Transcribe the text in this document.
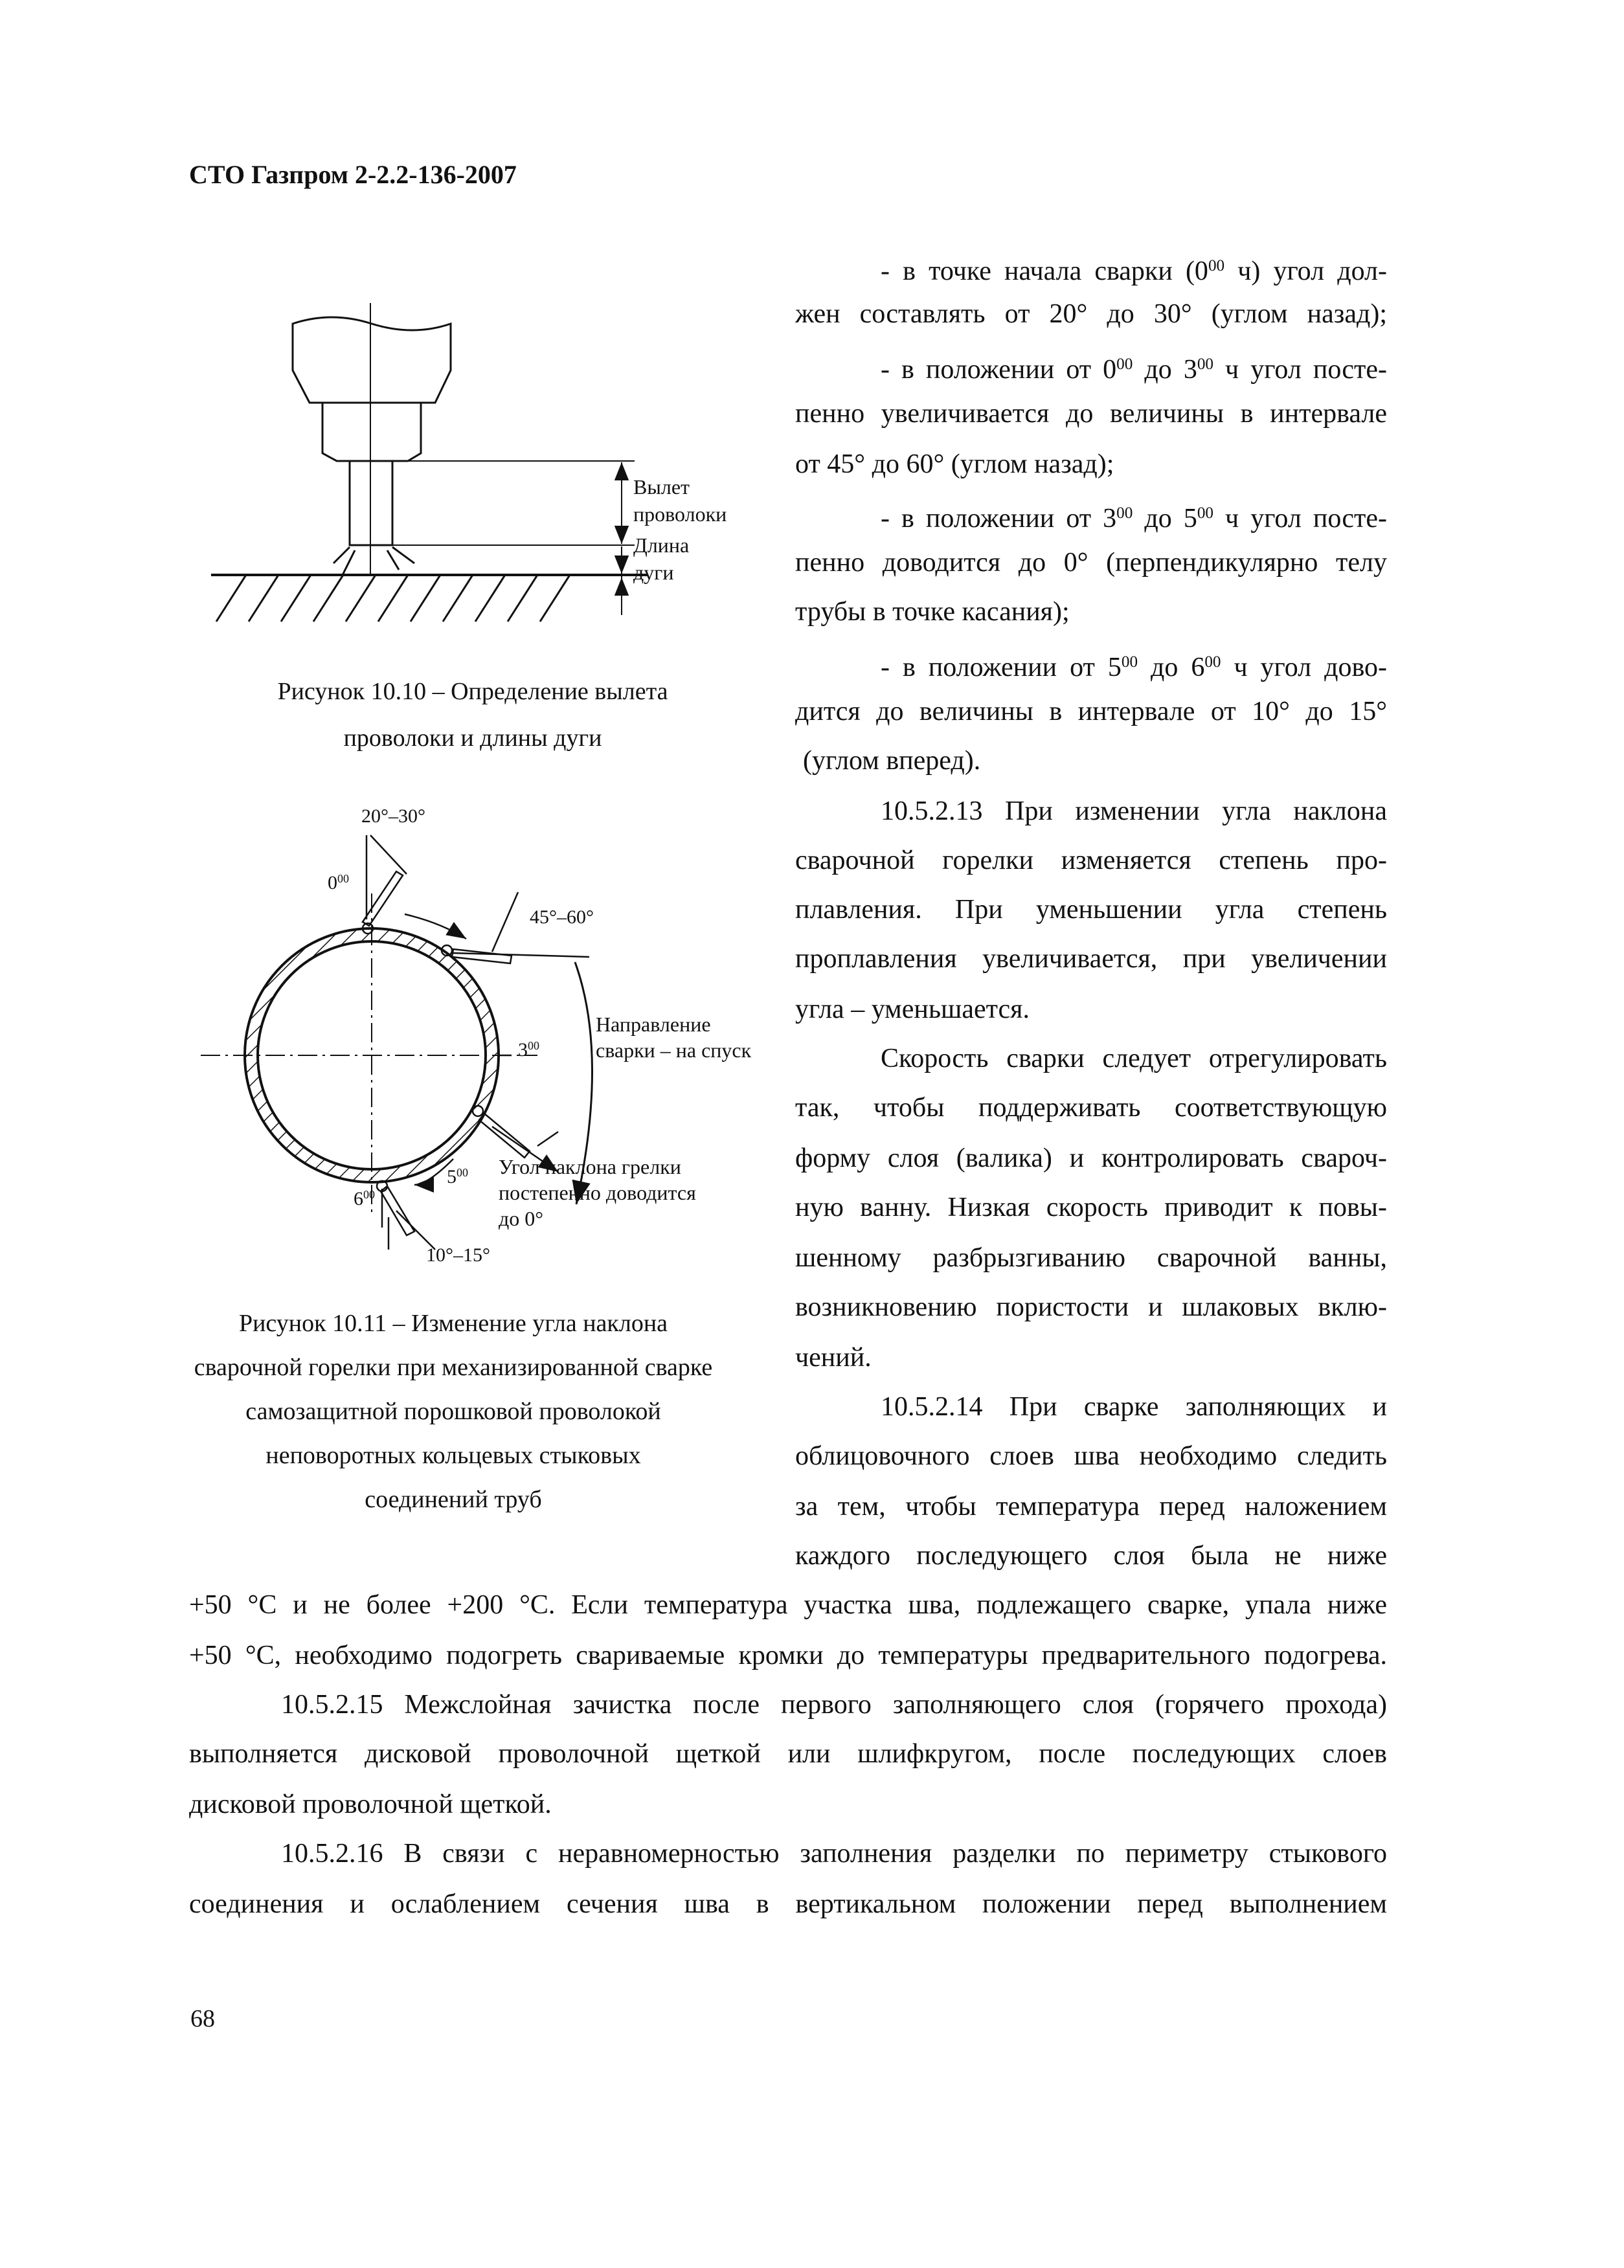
СТО Газпром 2-2.2-136-2007
Вылет
проволоки
Длина
дуги
Рисунок 10.10 – Определение вылета
проволоки и длины дуги
20°–30°
$0^{00}$
45°–60°
$3^{00}$
Направление
сварки – на спуск
$5^{00}$
$6^{00}$
Угол наклона грелки
постепенно доводится
до 0°
10°–15°
Рисунок 10.11 – Изменение угла наклона
сварочной горелки при механизированной сварке
самозащитной порошковой проволокой
неповоротных кольцевых стыковых
соединений труб
- в точке начала сварки ($0^{00}$ ч) угол дол-
жен составлять от 20° до 30° (углом назад);
- в положении от $0^{00}$ до $3^{00}$ ч угол посте-
пенно увеличивается до величины в интервале
от 45° до 60° (углом назад);
- в положении от $3^{00}$ до $5^{00}$ ч угол посте-
пенно доводится до 0° (перпендикулярно телу
трубы в точке касания);
- в положении от $5^{00}$ до $6^{00}$ ч угол дово-
дится до величины в интервале от 10° до 15°
(углом вперед).
10.5.2.13 При изменении угла наклона
сварочной горелки изменяется степень про-
плавления. При уменьшении угла степень
проплавления увеличивается, при увеличении
угла – уменьшается.
Скорость сварки следует отрегулировать
так, чтобы поддерживать соответствующую
форму слоя (валика) и контролировать свароч-
ную ванну. Низкая скорость приводит к повы-
шенному разбрызгиванию сварочной ванны,
возникновению пористости и шлаковых вклю-
чений.
10.5.2.14 При сварке заполняющих и
облицовочного слоев шва необходимо следить
за тем, чтобы температура перед наложением
каждого последующего слоя была не ниже
+50 °С и не более +200 °С. Если температура участка шва, подлежащего сварке, упала ниже
+50 °С, необходимо подогреть свариваемые кромки до температуры предварительного подогрева.
10.5.2.15 Межслойная зачистка после первого заполняющего слоя (горячего прохода)
выполняется дисковой проволочной щеткой или шлифкругом, после последующих слоев
дисковой проволочной щеткой.
10.5.2.16 В связи с неравномерностью заполнения разделки по периметру стыкового
соединения и ослаблением сечения шва в вертикальном положении перед выполнением
68
